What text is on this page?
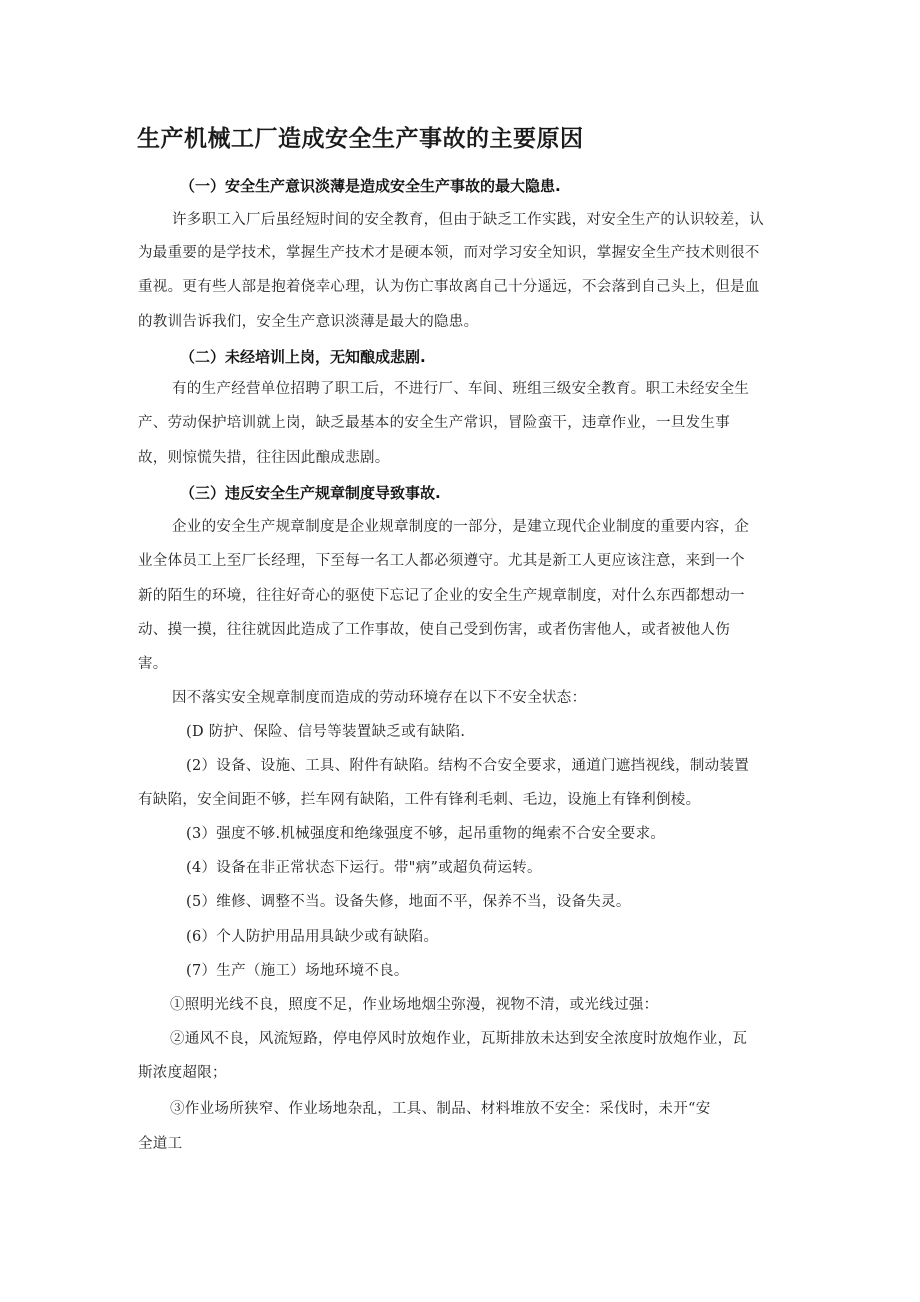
生产机械工厂造成安全生产事故的主要原因

（一）安全生产意识淡薄是造成安全生产事故的最大隐患.

许多职工入厂后虽经短时间的安全教育，但由于缺乏工作实践，对安全生产的认识较差，认

为最重要的是学技术，掌握生产技术才是硬本领，而对学习安全知识，掌握安全生产技术则很不

重视。更有些人部是抱着侥幸心理，认为伤亡事故离自己十分遥远，不会落到自己头上，但是血

的教训告诉我们，安全生产意识淡薄是最大的隐患。

（二）未经培训上岗，无知酿成悲剧.

有的生产经营单位招聘了职工后，不进行厂、车间、班组三级安全教育。职工未经安全生

产、劳动保护培训就上岗，缺乏最基本的安全生产常识，冒险蛮干，违章作业，一旦发生事

故，则惊慌失措，往往因此酿成悲剧。

（三）违反安全生产规章制度导致事故.

企业的安全生产规章制度是企业规章制度的一部分，是建立现代企业制度的重要内容，企

业全体员工上至厂长经理，下至每一名工人都必须遵守。尤其是新工人更应该注意，来到一个

新的陌生的环境，往往好奇心的驱使下忘记了企业的安全生产规章制度，对什么东西都想动一

动、摸一摸，往往就因此造成了工作事故，使自己受到伤害，或者伤害他人，或者被他人伤

害。

因不落实安全规章制度而造成的劳动环境存在以下不安全状态：

(D 防护、保险、信号等装置缺乏或有缺陷.

(2）设备、设施、工具、附件有缺陷。结构不合安全要求，通道门遮挡视线，制动装置

有缺陷，安全间距不够，拦车网有缺陷，工件有锋利毛刺、毛边，设施上有锋利倒棱。

(3）强度不够.机械强度和绝缘强度不够，起吊重物的绳索不合安全要求。

(4）设备在非正常状态下运行。带"病”或超负荷运转。

(5）维修、调整不当。设备失修，地面不平，保养不当，设备失灵。

(6）个人防护用品用具缺少或有缺陷。

(7）生产（施工）场地环境不良。

①照明光线不良，照度不足，作业场地烟尘弥漫，视物不清，或光线过强：

②通风不良，风流短路，停电停风时放炮作业，瓦斯排放未达到安全浓度时放炮作业，瓦

斯浓度超限；

③作业场所狭窄、作业场地杂乱，工具、制品、材料堆放不安全：采伐时，未开“安

全道工
